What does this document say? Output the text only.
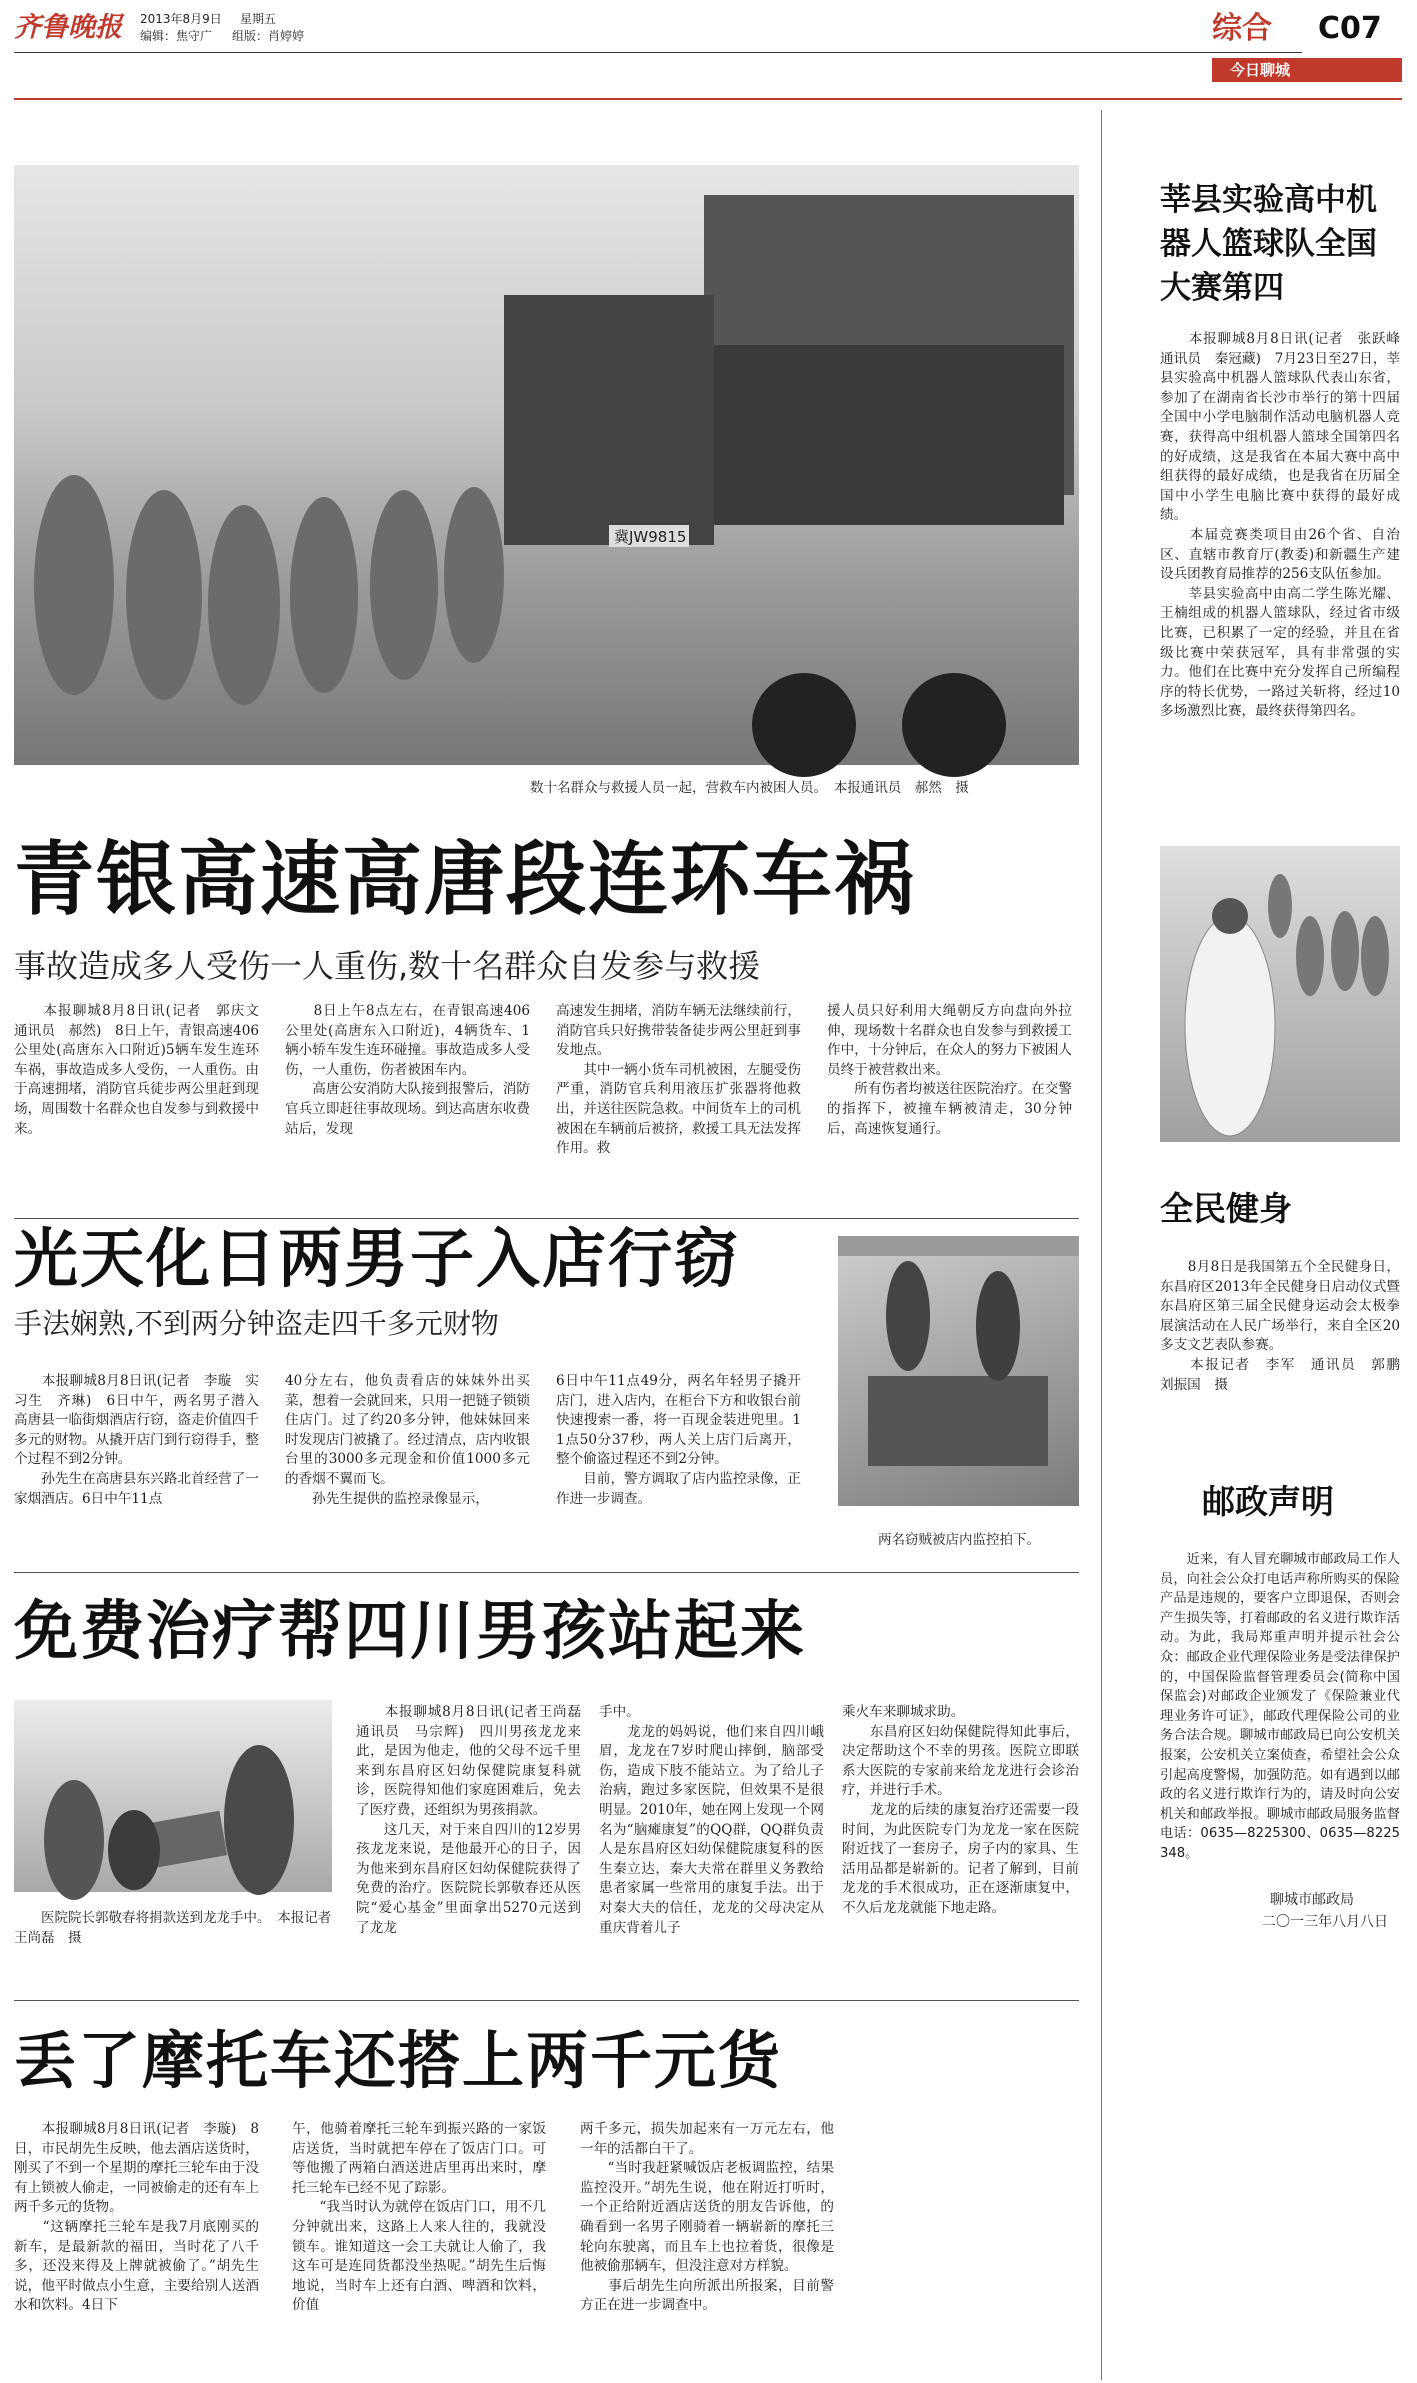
齐鲁晚报 2013年8月9日 星期五
编辑：焦守广 组版：肖婷婷	综合 C07
今日聊城
冀JW9815
数十名群众与救援人员一起，营救车内被困人员。　本报通讯员　郝然　摄
青银高速高唐段连环车祸
事故造成多人受伤一人重伤,数十名群众自发参与救援
　　本报聊城8月8日讯(记者　郭庆文　通讯员　郝然)　8日上午，青银高速406公里处(高唐东入口附近)5辆车发生连环车祸，事故造成多人受伤，一人重伤。由于高速拥堵，消防官兵徒步两公里赶到现场，周围数十名群众也自发参与到救援中来。
　　8日上午8点左右，在青银高速406公里处(高唐东入口附近)，4辆货车、1辆小轿车发生连环碰撞。事故造成多人受伤，一人重伤，伤者被困车内。
　　高唐公安消防大队接到报警后，消防官兵立即赶往事故现场。到达高唐东收费站后，发现
高速发生拥堵，消防车辆无法继续前行，消防官兵只好携带装备徒步两公里赶到事发地点。
　　其中一辆小货车司机被困，左腿受伤严重，消防官兵利用液压扩张器将他救出，并送往医院急救。中间货车上的司机被困在车辆前后被挤，救援工具无法发挥作用。救
援人员只好利用大绳朝反方向盘向外拉伸，现场数十名群众也自发参与到救援工作中，十分钟后，在众人的努力下被困人员终于被营救出来。
　　所有伤者均被送往医院治疗。在交警的指挥下，被撞车辆被清走，30分钟后，高速恢复通行。
光天化日两男子入店行窃
手法娴熟,不到两分钟盗走四千多元财物
　　本报聊城8月8日讯(记者　李璇　实习生　齐琳)　6日中午，两名男子潜入高唐县一临街烟酒店行窃，盗走价值四千多元的财物。从撬开店门到行窃得手，整个过程不到2分钟。
　　孙先生在高唐县东兴路北首经营了一家烟酒店。6日中午11点
40分左右，他负责看店的妹妹外出买菜，想着一会就回来，只用一把链子锁锁住店门。过了约20多分钟，他妹妹回来时发现店门被撬了。经过清点，店内收银台里的3000多元现金和价值1000多元的香烟不翼而飞。
　　孙先生提供的监控录像显示，
6日中午11点49分，两名年轻男子撬开店门，进入店内，在柜台下方和收银台前快速搜索一番，将一百现金装进兜里。11点50分37秒，两人关上店门后离开，整个偷盗过程还不到2分钟。
　　目前，警方调取了店内监控录像，正作进一步调查。
两名窃贼被店内监控拍下。
免费治疗帮四川男孩站起来
　　医院院长郭敬春将捐款送到龙龙手中。　本报记者　王尚磊　摄
　　本报聊城8月8日讯(记者王尚磊　通讯员　马宗辉)　四川男孩龙龙来此，是因为他走，他的父母不远千里来到东昌府区妇幼保健院康复科就诊，医院得知他们家庭困难后，免去了医疗费，还组织为男孩捐款。
　　这几天，对于来自四川的12岁男孩龙龙来说，是他最开心的日子，因为他来到东昌府区妇幼保健院获得了免费的治疗。医院院长郭敬春还从医院“爱心基金”里面拿出5270元送到了龙龙
手中。
　　龙龙的妈妈说，他们来自四川峨眉，龙龙在7岁时爬山摔倒，脑部受伤，造成下肢不能站立。为了给儿子治病，跑过多家医院，但效果不是很明显。2010年，她在网上发现一个网名为“脑瘫康复”的QQ群，QQ群负责人是东昌府区妇幼保健院康复科的医生秦立达，秦大夫常在群里义务教给患者家属一些常用的康复手法。出于对秦大夫的信任，龙龙的父母决定从重庆背着儿子
乘火车来聊城求助。
　　东昌府区妇幼保健院得知此事后，决定帮助这个不幸的男孩。医院立即联系大医院的专家前来给龙龙进行会诊治疗，并进行手术。
　　龙龙的后续的康复治疗还需要一段时间，为此医院专门为龙龙一家在医院附近找了一套房子，房子内的家具、生活用品都是崭新的。记者了解到，目前龙龙的手术很成功，正在逐渐康复中，不久后龙龙就能下地走路。
丢了摩托车还搭上两千元货
　　本报聊城8月8日讯(记者　李璇)　8日，市民胡先生反映，他去酒店送货时，刚买了不到一个星期的摩托三轮车由于没有上锁被人偷走，一同被偷走的还有车上两千多元的货物。
　　“这辆摩托三轮车是我7月底刚买的新车，是最新款的福田，当时花了八千多，还没来得及上牌就被偷了。”胡先生说，他平时做点小生意，主要给别人送酒水和饮料。4日下
午，他骑着摩托三轮车到振兴路的一家饭店送货，当时就把车停在了饭店门口。可等他搬了两箱白酒送进店里再出来时，摩托三轮车已经不见了踪影。
　　“我当时认为就停在饭店门口，用不几分钟就出来，这路上人来人往的，我就没锁车。谁知道这一会工夫就让人偷了，我这车可是连同货都没坐热呢。”胡先生后悔地说，当时车上还有白酒、啤酒和饮料，价值
两千多元，损失加起来有一万元左右，他一年的活都白干了。
　　“当时我赶紧喊饭店老板调监控，结果监控没开。”胡先生说，他在附近打听时，一个正给附近酒店送货的朋友告诉他，的确看到一名男子刚骑着一辆崭新的摩托三轮向东驶离，而且车上也拉着货，很像是他被偷那辆车，但没注意对方样貌。
　　事后胡先生向所派出所报案，目前警方正在进一步调查中。
莘县实验高中机器人篮球队全国大赛第四
　　本报聊城8月8日讯(记者　张跃峰　通讯员　秦冠藏)　7月23日至27日，莘县实验高中机器人篮球队代表山东省，参加了在湖南省长沙市举行的第十四届全国中小学电脑制作活动电脑机器人竞赛，获得高中组机器人篮球全国第四名的好成绩，这是我省在本届大赛中高中组获得的最好成绩，也是我省在历届全国中小学生电脑比赛中获得的最好成绩。
　　本届竞赛类项目由26个省、自治区、直辖市教育厅(教委)和新疆生产建设兵团教育局推荐的256支队伍参加。
　　莘县实验高中由高二学生陈光耀、王楠组成的机器人篮球队，经过省市级比赛，已积累了一定的经验，并且在省级比赛中荣获冠军，具有非常强的实力。他们在比赛中充分发挥自己所编程序的特长优势，一路过关斩将，经过10多场激烈比赛，最终获得第四名。
全民健身
　　8月8日是我国第五个全民健身日，东昌府区2013年全民健身日启动仪式暨东昌府区第三届全民健身运动会太极拳展演活动在人民广场举行，来自全区20多支文艺表队参赛。
　　本报记者　李军　通讯员　郭鹏　刘振国　摄
邮政声明
　　近来，有人冒充聊城市邮政局工作人员，向社会公众打电话声称所购买的保险产品是违规的，要客户立即退保，否则会产生损失等，打着邮政的名义进行欺诈活动。为此，我局郑重声明并提示社会公众：邮政企业代理保险业务是受法律保护的，中国保险监督管理委员会(简称中国保监会)对邮政企业颁发了《保险兼业代理业务许可证》，邮政代理保险公司的业务合法合规。聊城市邮政局已向公安机关报案，公安机关立案侦查，希望社会公众引起高度警惕，加强防范。如有遇到以邮政的名义进行欺诈行为的，请及时向公安机关和邮政举报。聊城市邮政局服务监督电话：0635—8225300、0635—8225348。
聊城市邮政局
二〇一三年八月八日
